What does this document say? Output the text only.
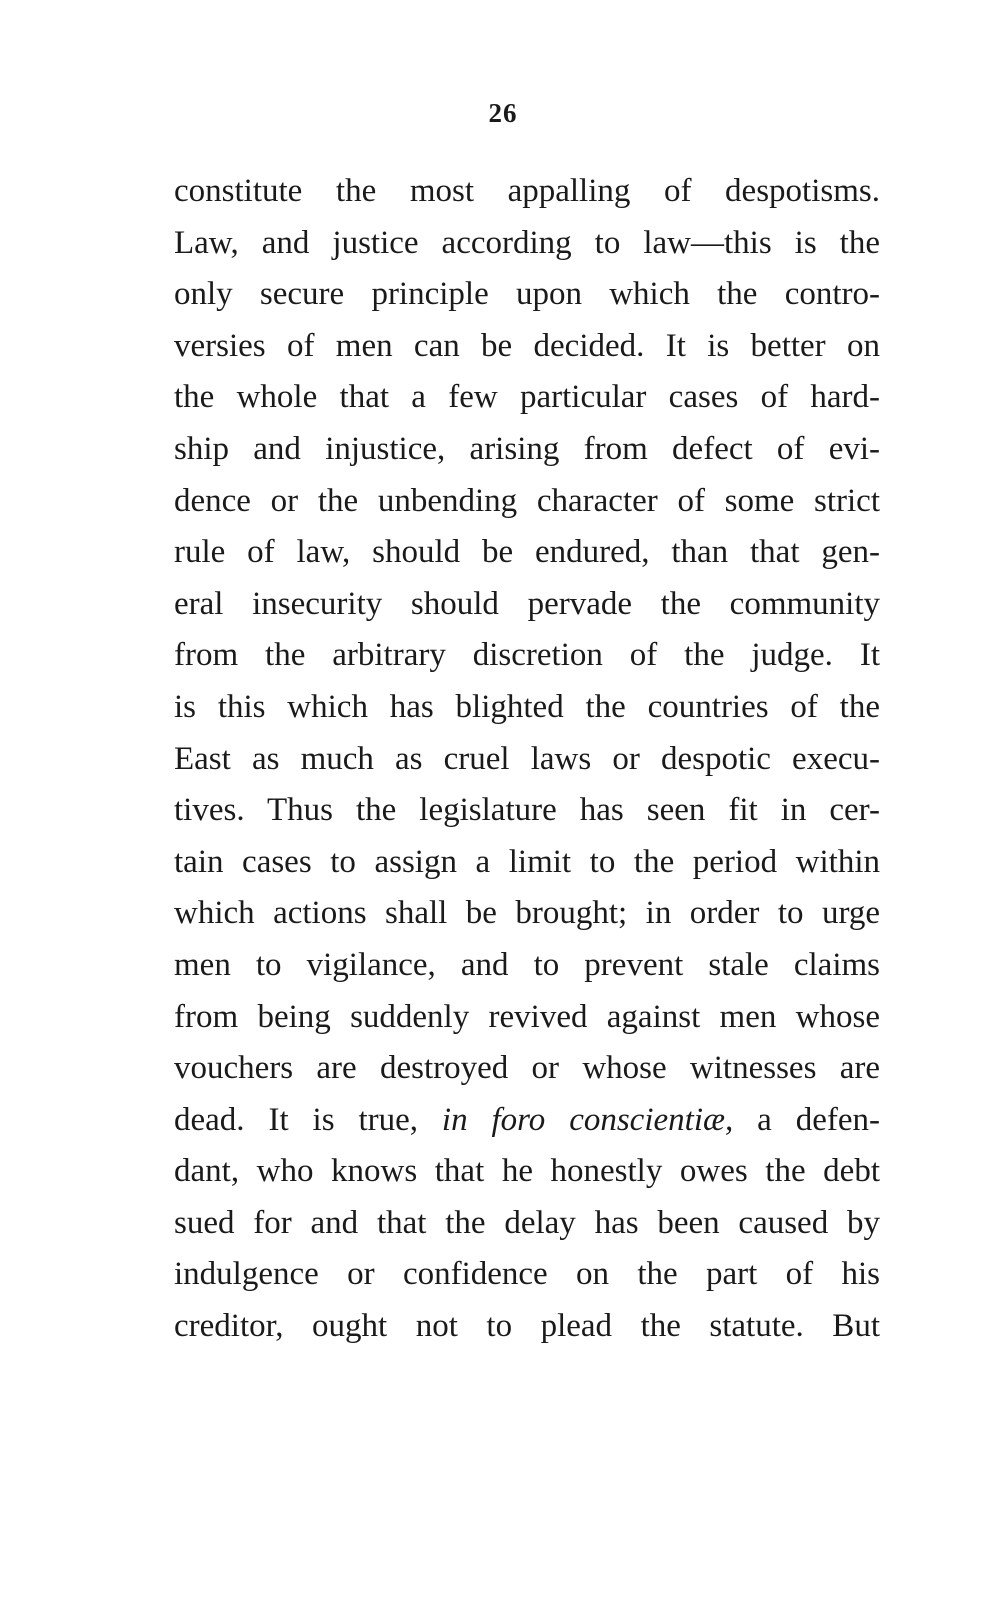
26
constitute the most appalling of despotisms.
Law, and justice according to law—this is the
only secure principle upon which the contro-
versies of men can be decided. It is better on
the whole that a few particular cases of hard-
ship and injustice, arising from defect of evi-
dence or the unbending character of some strict
rule of law, should be endured, than that gen-
eral insecurity should pervade the community
from the arbitrary discretion of the judge. It
is this which has blighted the countries of the
East as much as cruel laws or despotic execu-
tives. Thus the legislature has seen fit in cer-
tain cases to assign a limit to the period within
which actions shall be brought; in order to urge
men to vigilance, and to prevent stale claims
from being suddenly revived against men whose
vouchers are destroyed or whose witnesses are
dead. It is true, in foro conscientiæ, a defen-
dant, who knows that he honestly owes the debt
sued for and that the delay has been caused by
indulgence or confidence on the part of his
creditor, ought not to plead the statute. But
